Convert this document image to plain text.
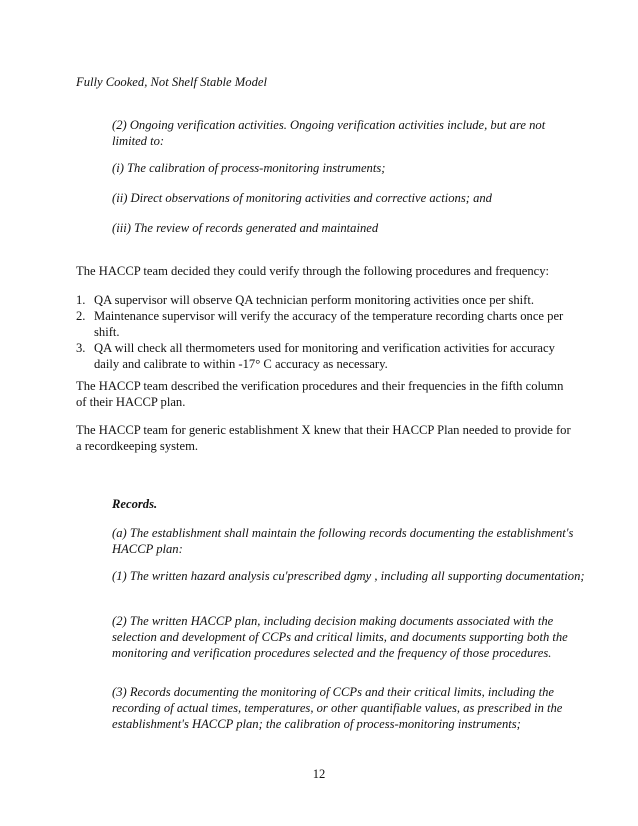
Fully Cooked, Not Shelf Stable Model
(2) Ongoing verification activities. Ongoing verification activities include, but are not limited to:
(i) The calibration of process-monitoring instruments;
(ii) Direct observations of monitoring activities and corrective actions; and
(iii) The review of records generated and maintained
The HACCP team decided they could verify through the following procedures and frequency:
1. QA supervisor will observe QA technician perform monitoring activities once per shift.
2. Maintenance supervisor will verify the accuracy of the temperature recording charts once per shift.
3. QA will check all thermometers used for monitoring and verification activities for accuracy daily and calibrate to within -17° C accuracy as necessary.
The HACCP team described the verification procedures and their frequencies in the fifth column of their HACCP plan.
The HACCP team for generic establishment X knew that their HACCP Plan needed to provide for a recordkeeping system.
Records.
(a) The establishment shall maintain the following records documenting the establishment's HACCP plan:
(1) The written hazard analysis cu'prescribed dgm̧y , including all supporting documentation;
(2) The written HACCP plan, including decision making documents associated with the selection and development of CCPs and critical limits, and documents supporting both the monitoring and verification procedures selected and the frequency of those procedures.
(3) Records documenting the monitoring of CCPs and their critical limits, including the recording of actual times, temperatures, or other quantifiable values, as prescribed in the establishment's HACCP plan; the calibration of process-monitoring instruments;
12
